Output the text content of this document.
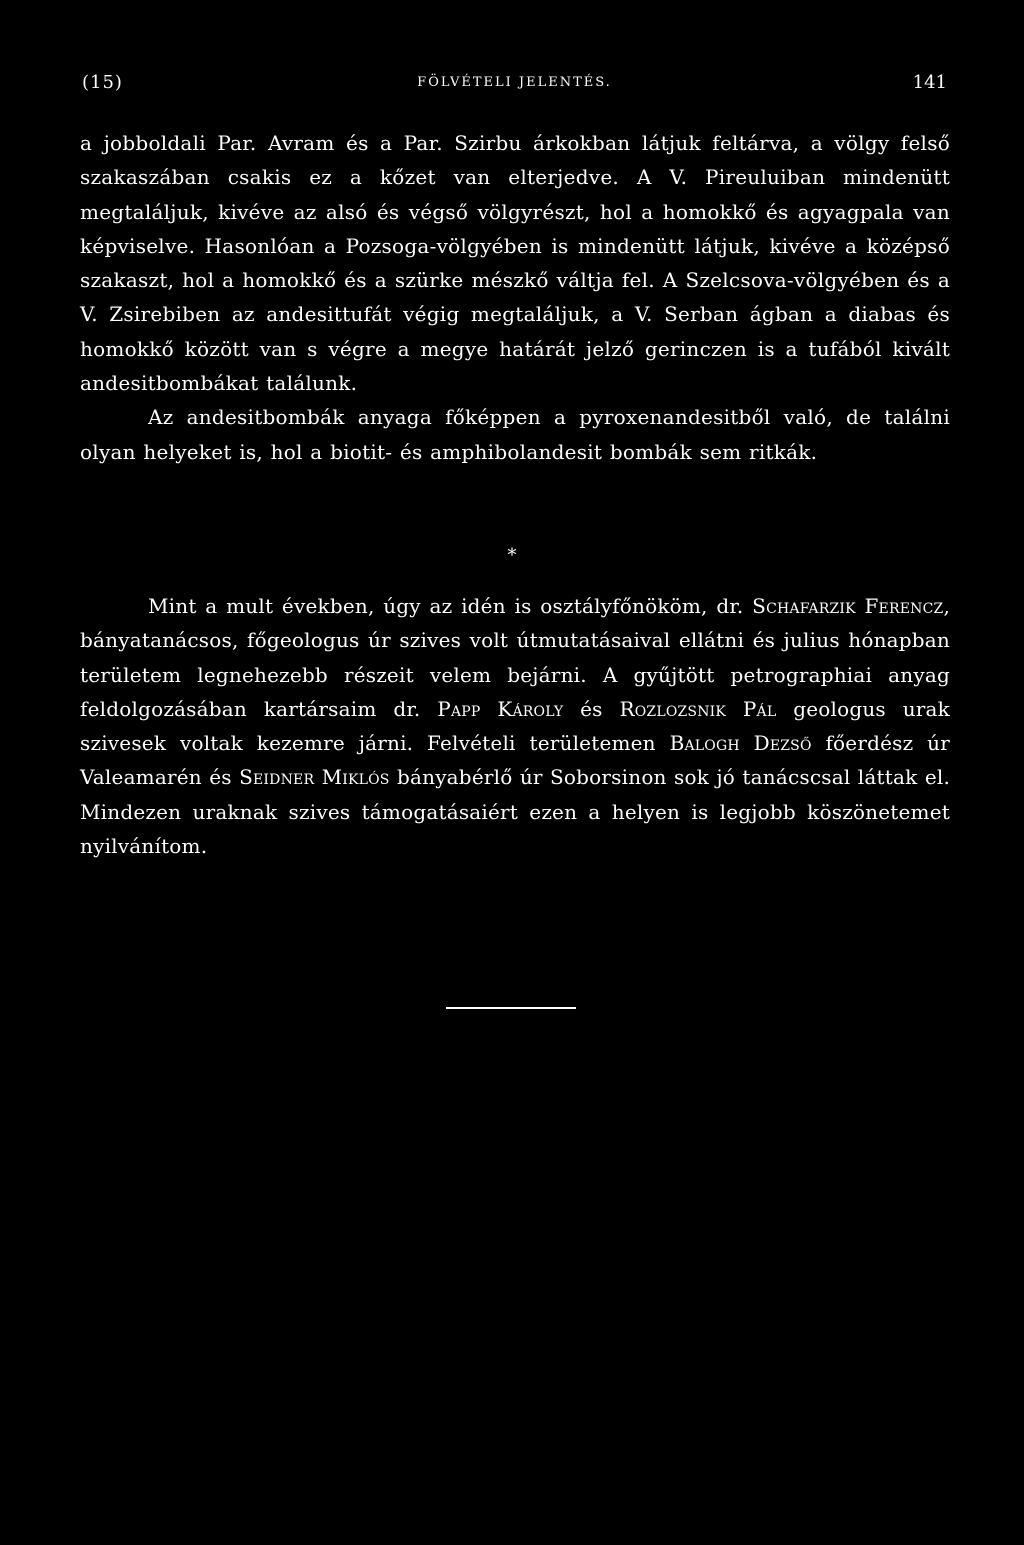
(15)	FÖLVÉTELI JELENTÉS.	141

a jobboldali Par. Avram és a Par. Szirbu árkokban látjuk feltárva, a völgy felső szakaszában csakis ez a kőzet van elterjedve. A V. Pireuluiban mindenütt megtaláljuk, kivéve az alsó és végső völgyrészt, hol a homokkő és agyagpala van képviselve. Hasonlóan a Pozsoga-völgyében is mindenütt látjuk, kivéve a középső szakaszt, hol a homokkő és a szürke mészkő váltja fel. A Szelcsova-völgyében és a V. Zsirebiben az andesittufát végig megtaláljuk, a V. Serban ágban a diabas és homokkő között van s végre a megye határát jelző gerinczen is a tufából kivált andesitbombákat találunk.

Az andesitbombák anyaga főképpen a pyroxenandesitből való, de találni olyan helyeket is, hol a biotit- és amphibolandesit bombák sem ritkák.

*
Mint a mult években, úgy az idén is osztályfőnököm, dr. Schafarzik Ferencz, bányatanácsos, főgeologus úr szives volt útmutatásaival ellátni és julius hónapban területem legnehezebb részeit velem bejárni. A gyűjtött petrographiai anyag feldolgozásában kartársaim dr. Papp Károly és Rozlozsnik Pál geologus urak szivesek voltak kezemre járni. Felvételi területemen Balogh Dezső főerdész úr Valeamarén és Seidner Miklós bányabérlő úr Soborsinon sok jó tanácscsal láttak el. Mindezen uraknak szives támogatásaiért ezen a helyen is legjobb köszönetemet nyilvánítom.
